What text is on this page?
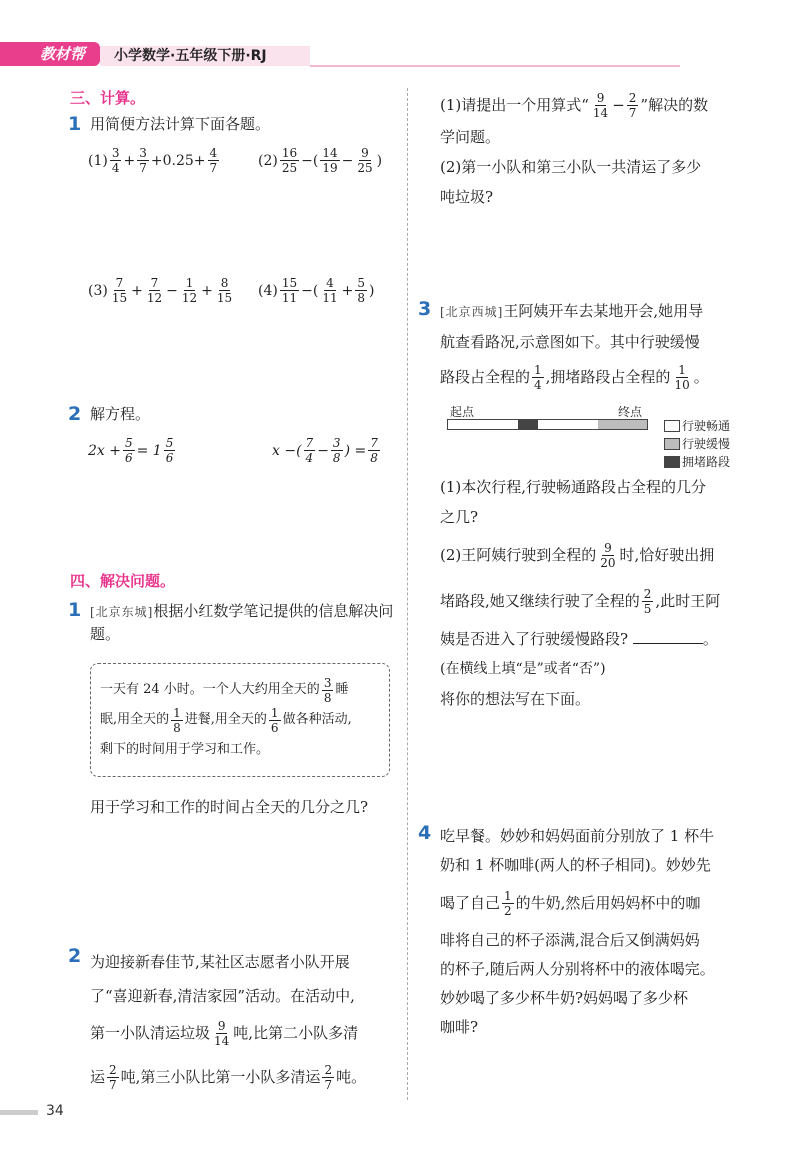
教材帮	小学数学·五年级下册·RJ
三、计算。
1 用简便方法计算下面各题。
$(1) \frac{3}{4} + \frac{3}{7} +0.25+ \frac{4}{7}$	$(2) \frac{16}{25}$ −( $\frac{14}{19} - \frac{9}{25}$ )
$(3) \frac{7}{15} + \frac{7}{12} - \frac{1}{12} + \frac{8}{15} (4) \frac{15}{11}$ −( $\frac{4}{11} + \frac{5}{8}$ )
2 解方程。
$2x + \frac{5}{6} = 1 \frac{5}{6}$	x −( $\frac{7}{4} - \frac{3}{8}$ ) = $\frac{7}{8}$
四、解决问题。
1 [北京东城]根据小红数学笔记提供的信息解决问题。
一天有 24 小时。一个人大约用全天的 $\frac{3}{8}$ 睡
眠,用全天的 $\frac{1}{8}$ 进餐,用全天的 $\frac{1}{6}$ 做各种活动,
剩下的时间用于学习和工作。
用于学习和工作的时间占全天的几分之几?
2 为迎接新春佳节,某社区志愿者小队开展
了“喜迎新春,清洁家园”活动。在活动中,
第一小队清运垃圾 $\frac{9}{14}$ 吨,比第二小队多清
运 $\frac{2}{7}$ 吨,第三小队比第一小队多清运 $\frac{2}{7}$ 吨。
(1)请提出一个用算式“ $\frac{9}{14} - \frac{2}{7}$ ”解决的数
学问题。
(2)第一小队和第三小队一共清运了多少
吨垃圾?
3 [北京西城]王阿姨开车去某地开会,她用导
航查看路况,示意图如下。其中行驶缓慢
路段占全程的 $\frac{1}{4}$ ,拥堵路段占全程的 $\frac{1}{10}$ 。
起点	终点
行驶畅通
行驶缓慢
拥堵路段
(1)本次行程,行驶畅通路段占全程的几分
之几?
(2)王阿姨行驶到全程的 $\frac{9}{20}$ 时,恰好驶出拥
堵路段,她又继续行驶了全程的 $\frac{2}{5}$ ,此时王阿
姨是否进入了行驶缓慢路段?	。
(在横线上填“是”或者“否”)
将你的想法写在下面。
4 吃早餐。妙妙和妈妈面前分别放了 1 杯牛
奶和 1 杯咖啡(两人的杯子相同)。妙妙先
喝了自己 $\frac{1}{2}$ 的牛奶,然后用妈妈杯中的咖
啡将自己的杯子添满,混合后又倒满妈妈
的杯子,随后两人分别将杯中的液体喝完。
妙妙喝了多少杯牛奶?妈妈喝了多少杯
咖啡?
34
